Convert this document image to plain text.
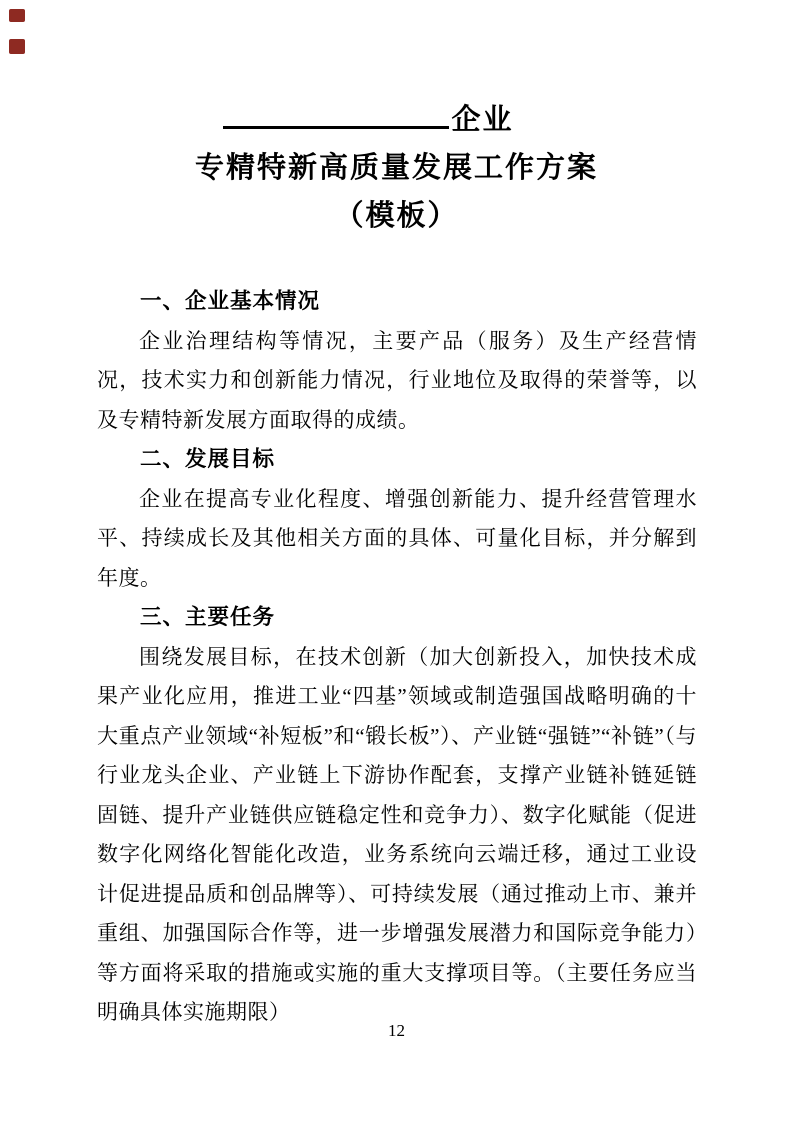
企业
专精特新高质量发展工作方案
（模板）
一、企业基本情况

企业治理结构等情况，主要产品（服务）及生产经营情况，技术实力和创新能力情况，行业地位及取得的荣誉等，以及专精特新发展方面取得的成绩。

二、发展目标

企业在提高专业化程度、增强创新能力、提升经营管理水平、持续成长及其他相关方面的具体、可量化目标，并分解到年度。

三、主要任务

围绕发展目标，在技术创新（加大创新投入，加快技术成果产业化应用，推进工业“四基”领域或制造强国战略明确的十大重点产业领域“补短板”和“锻长板”）、产业链“强链”“补链”（与行业龙头企业、产业链上下游协作配套，支撑产业链补链延链固链、提升产业链供应链稳定性和竞争力）、数字化赋能（促进数字化网络化智能化改造，业务系统向云端迁移，通过工业设计促进提品质和创品牌等）、可持续发展（通过推动上市、兼并重组、加强国际合作等，进一步增强发展潜力和国际竞争能力）等方面将采取的措施或实施的重大支撑项目等。（主要任务应当明确具体实施期限）

12
